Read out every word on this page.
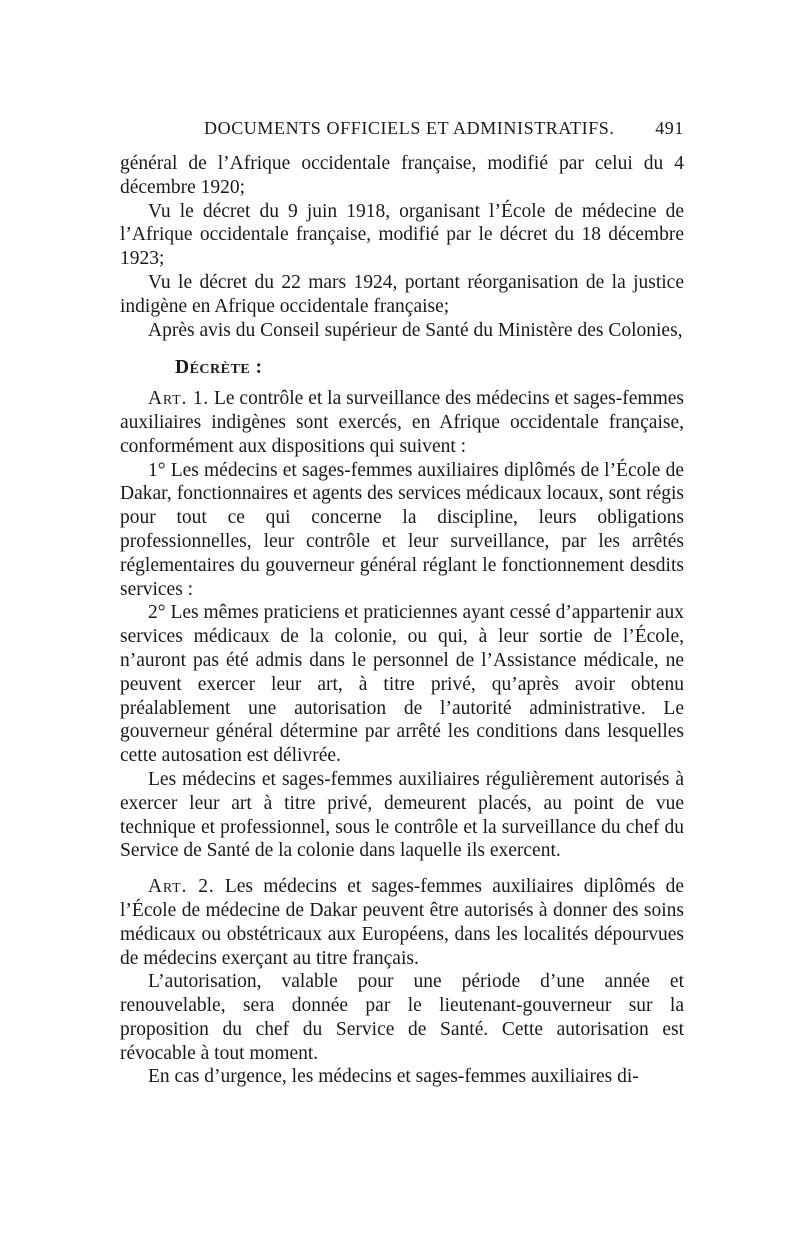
DOCUMENTS OFFICIELS ET ADMINISTRATIFS. 491

général de l’Afrique occidentale française, modifié par celui du 4 décembre 1920;

Vu le décret du 9 juin 1918, organisant l’École de médecine de l’Afrique occidentale française, modifié par le décret du 18 décembre 1923;

Vu le décret du 22 mars 1924, portant réorganisation de la justice indigène en Afrique occidentale française;

Après avis du Conseil supérieur de Santé du Ministère des Colonies,

Décrète :

Art. 1. Le contrôle et la surveillance des médecins et sages-femmes auxiliaires indigènes sont exercés, en Afrique occidentale française, conformément aux dispositions qui suivent :

1° Les médecins et sages-femmes auxiliaires diplômés de l’École de Dakar, fonctionnaires et agents des services médicaux locaux, sont régis pour tout ce qui concerne la discipline, leurs obligations professionnelles, leur contrôle et leur surveillance, par les arrêtés réglementaires du gouverneur général réglant le fonctionnement desdits services :

2° Les mêmes praticiens et praticiennes ayant cessé d’appartenir aux services médicaux de la colonie, ou qui, à leur sortie de l’École, n’auront pas été admis dans le personnel de l’Assistance médicale, ne peuvent exercer leur art, à titre privé, qu’après avoir obtenu préalablement une autorisation de l’autorité administrative. Le gouverneur général détermine par arrêté les conditions dans lesquelles cette autosation est délivrée.

Les médecins et sages-femmes auxiliaires régulièrement autorisés à exercer leur art à titre privé, demeurent placés, au point de vue technique et professionnel, sous le contrôle et la surveillance du chef du Service de Santé de la colonie dans laquelle ils exercent.

Art. 2. Les médecins et sages-femmes auxiliaires diplômés de l’École de médecine de Dakar peuvent être autorisés à donner des soins médicaux ou obstétricaux aux Européens, dans les localités dépourvues de médecins exerçant au titre français.

L’autorisation, valable pour une période d’une année et renouvelable, sera donnée par le lieutenant-gouverneur sur la proposition du chef du Service de Santé. Cette autorisation est révocable à tout moment.

En cas d’urgence, les médecins et sages-femmes auxiliaires di-
